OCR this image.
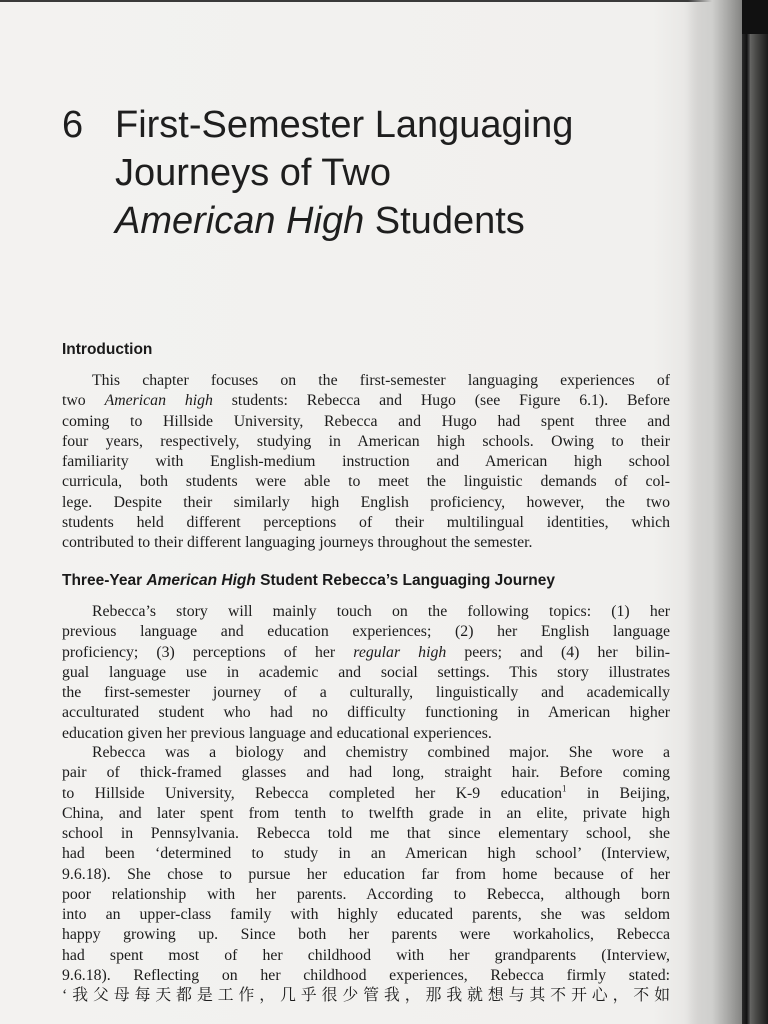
6 First-Semester Languaging
Journeys of Two
American High Students
Introduction
This chapter focuses on the first-semester languaging experiences of
two American high students: Rebecca and Hugo (see Figure 6.1). Before
coming to Hillside University, Rebecca and Hugo had spent three and
four years, respectively, studying in American high schools. Owing to their
familiarity with English-medium instruction and American high school
curricula, both students were able to meet the linguistic demands of col-
lege. Despite their similarly high English proficiency, however, the two
students held different perceptions of their multilingual identities, which
contributed to their different languaging journeys throughout the semester.
Three-Year American High Student Rebecca’s Languaging Journey
Rebecca’s story will mainly touch on the following topics: (1) her
previous language and education experiences; (2) her English language
proficiency; (3) perceptions of her regular high peers; and (4) her bilin-
gual language use in academic and social settings. This story illustrates
the first-semester journey of a culturally, linguistically and academically
acculturated student who had no difficulty functioning in American higher
education given her previous language and educational experiences.
Rebecca was a biology and chemistry combined major. She wore a
pair of thick-framed glasses and had long, straight hair. Before coming
to Hillside University, Rebecca completed her K-9 education$^1$ in Beijing,
China, and later spent from tenth to twelfth grade in an elite, private high
school in Pennsylvania. Rebecca told me that since elementary school, she
had been ‘determined to study in an American high school’ (Interview,
9.6.18). She chose to pursue her education far from home because of her
poor relationship with her parents. According to Rebecca, although born
into an upper-class family with highly educated parents, she was seldom
happy growing up. Since both her parents were workaholics, Rebecca
had spent most of her childhood with her grandparents (Interview,
9.6.18). Reflecting on her childhood experiences, Rebecca firmly stated:
‘我父母每天都是工作，几乎很少管我，那我就想与其不开心，不如
